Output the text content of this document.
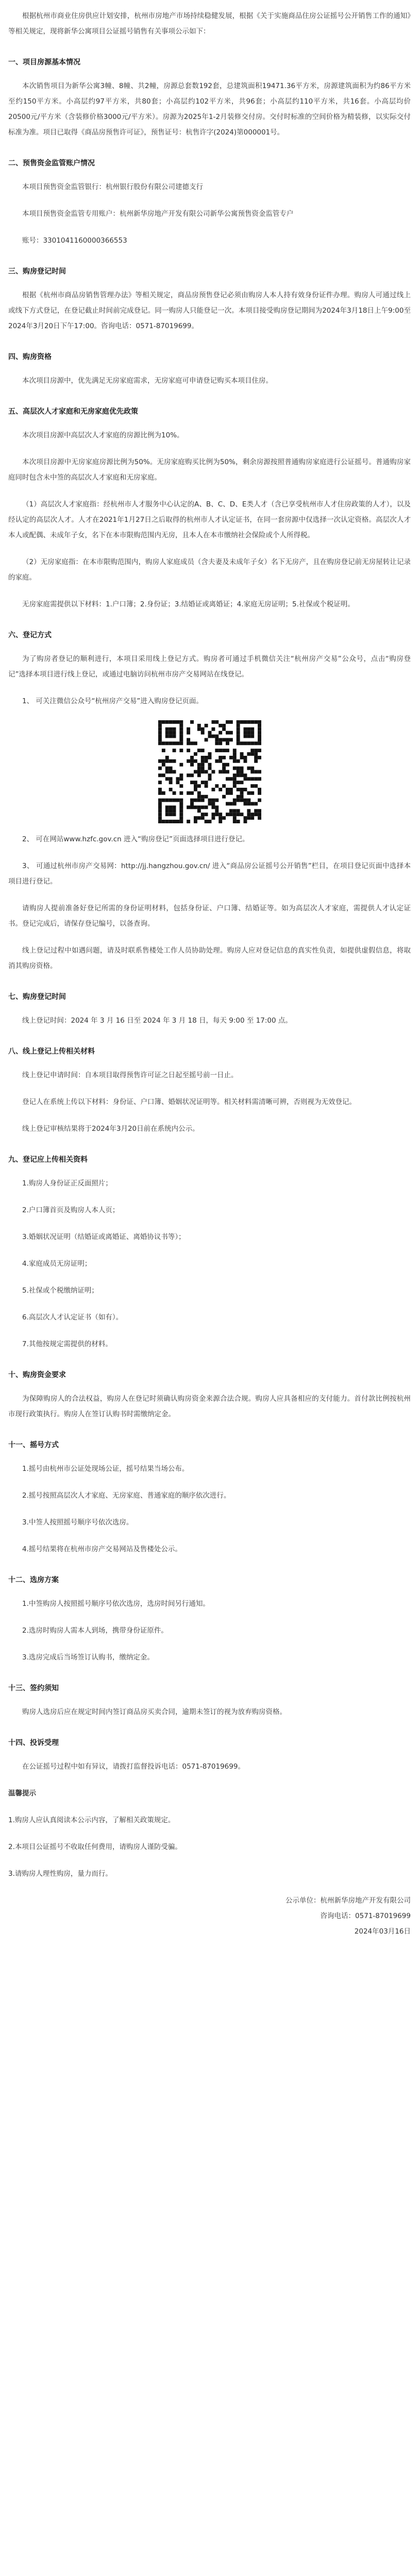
根据杭州市商业住房供应计划安排，杭州市房地产市场持续稳健发展，根据《关于实施商品住房公证摇号公开销售工作的通知》等相关规定，现将新华公寓项目公证摇号销售有关事项公示如下：

一、项目房源基本情况

本次销售项目为新华公寓3幢、8幢、共2幢，房源总套数192套，总建筑面积19471.36平方米，房源建筑面积为约86平方米至约150平方米。小高层约97平方米，共80套；小高层约102平方米，共96套；小高层约110平方米，共16套。小高层均价20500元/平方米（含装修价格3000元/平方米）。房源为2025年1-2月装修交付房。交付时标准的空间价格为精装修，以实际交付标准为准。项目已取得《商品房预售许可证》，预售证号：杭售许字(2024)第000001号。

二、预售资金监管账户情况

本项目预售资金监管银行：杭州银行股份有限公司建德支行

本项目预售资金监管专用账户：杭州新华房地产开发有限公司新华公寓预售资金监管专户

账号：3301041160000366553

三、购房登记时间

根据《杭州市商品房销售管理办法》等相关规定，商品房预售登记必须由购房人本人持有效身份证件办理。购房人可通过线上或线下方式登记，在登记截止时间前完成登记。同一购房人只能登记一次。本项目接受购房登记期间为2024年3月18日上午9:00至2024年3月20日下午17:00。咨询电话：0571-87019699。

四、购房资格

本次项目房源中，优先满足无房家庭需求，无房家庭可申请登记购买本项目住房。

五、高层次人才家庭和无房家庭优先政策

本次项目房源中高层次人才家庭的房源比例为10%。

本次项目房源中无房家庭房源比例为50%。无房家庭购买比例为50%，剩余房源按照普通购房家庭进行公证摇号。普通购房家庭同时包含未中签的高层次人才家庭和无房家庭。

（1）高层次人才家庭指：经杭州市人才服务中心认定的A、B、C、D、E类人才（含已享受杭州市人才住房政策的人才），以及经认定的高层次人才。人才在2021年1月27日之后取得的杭州市人才认定证书，在同一套房源中仅选择一次认定资格。高层次人才本人或配偶、未成年子女，名下在本市限购范围内无房，且本人在本市缴纳社会保险或个人所得税。

（2）无房家庭指：在本市限购范围内，购房人家庭成员（含夫妻及未成年子女）名下无房产，且在购房登记前无房屋转让记录的家庭。

无房家庭需提供以下材料：1.户口簿；2.身份证；3.结婚证或离婚证；4.家庭无房证明；5.社保或个税证明。

六、登记方式

为了购房者登记的顺利进行，本项目采用线上登记方式。购房者可通过手机微信关注“杭州房产交易”公众号，点击“购房登记”选择本项目进行线上登记，或通过电脑访问杭州市房产交易网站在线登记。

1、 可关注微信公众号“杭州房产交易”进入购房登记页面。

2、 可在网站www.hzfc.gov.cn 进入“购房登记”页面选择项目进行登记。

3、 可通过杭州市房产交易网：http://jj.hangzhou.gov.cn/ 进入“商品房公证摇号公开销售”栏目，在项目登记页面中选择本项目进行登记。

请购房人提前准备好登记所需的身份证明材料，包括身份证、户口簿、结婚证等。如为高层次人才家庭，需提供人才认定证书。登记完成后，请保存登记编号，以备查询。

线上登记过程中如遇问题，请及时联系售楼处工作人员协助处理。购房人应对登记信息的真实性负责，如提供虚假信息，将取消其购房资格。

七、购房登记时间

线上登记时间：2024 年 3 月 16 日至 2024 年 3 月 18 日，每天 9:00 至 17:00 点。

八、线上登记上传相关材料

线上登记申请时间：自本项目取得预售许可证之日起至摇号前一日止。

登记人在系统上传以下材料：身份证、户口簿、婚姻状况证明等。相关材料需清晰可辨，否则视为无效登记。

线上登记审核结果将于2024年3月20日前在系统内公示。

九、登记应上传相关资料

1.购房人身份证正反面照片；

2.户口簿首页及购房人本人页；

3.婚姻状况证明（结婚证或离婚证、离婚协议书等）；

4.家庭成员无房证明；

5.社保或个税缴纳证明；

6.高层次人才认定证书（如有）。

7.其他按规定需提供的材料。

十、购房资金要求

为保障购房人的合法权益，购房人在登记时须确认购房资金来源合法合规。购房人应具备相应的支付能力。首付款比例按杭州市现行政策执行。购房人在签订认购书时需缴纳定金。

十一、摇号方式

1.摇号由杭州市公证处现场公证，摇号结果当场公布。

2.摇号按照高层次人才家庭、无房家庭、普通家庭的顺序依次进行。

3.中签人按照摇号顺序号依次选房。

4.摇号结果将在杭州市房产交易网站及售楼处公示。

十二、选房方案

1.中签购房人按照摇号顺序号依次选房，选房时间另行通知。

2.选房时购房人需本人到场，携带身份证原件。

3.选房完成后当场签订认购书，缴纳定金。

十三、签约须知

购房人选房后应在规定时间内签订商品房买卖合同，逾期未签订的视为放弃购房资格。

十四、投诉受理

在公证摇号过程中如有异议，请拨打监督投诉电话：0571-87019699。

温馨提示

1.购房人应认真阅读本公示内容，了解相关政策规定。

2.本项目公证摇号不收取任何费用，请购房人谨防受骗。

3.请购房人理性购房，量力而行。

公示单位：杭州新华房地产开发有限公司
咨询电话：0571-87019699
2024年03月16日
